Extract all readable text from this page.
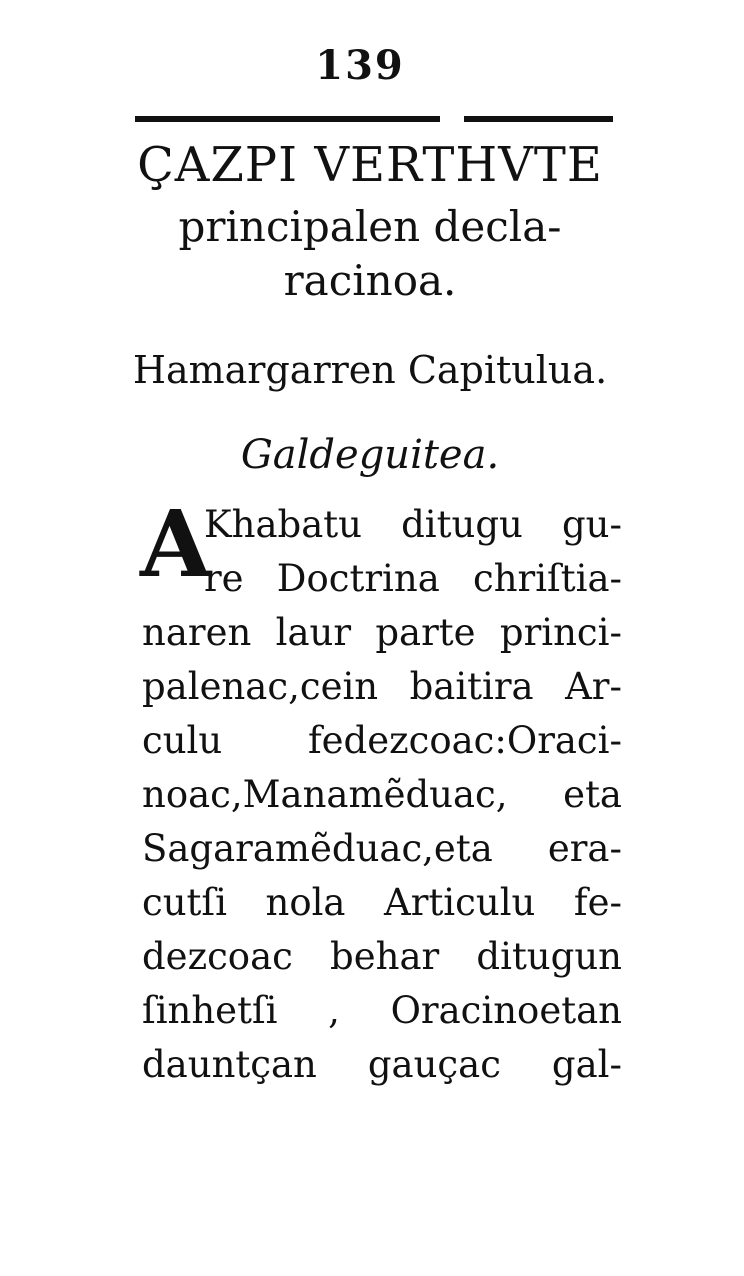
139
ÇAZPI VERTHVTE
principalen decla-
racinoa.
Hamargarren Capitulua.
Galdeguitea.
A
Khabatu ditugu gu-
re Doctrina chriſtia-
naren laur parte princi-
palenac,cein baitira Ar-
culu fedezcoac:Oraci-
noac,Manamẽduac, eta
Sagaramẽduac,eta era-
cutſi nola Articulu fe-
dezcoac behar ditugun
ſinhetſi , Oracinoetan
dauntçan gauçac gal-
